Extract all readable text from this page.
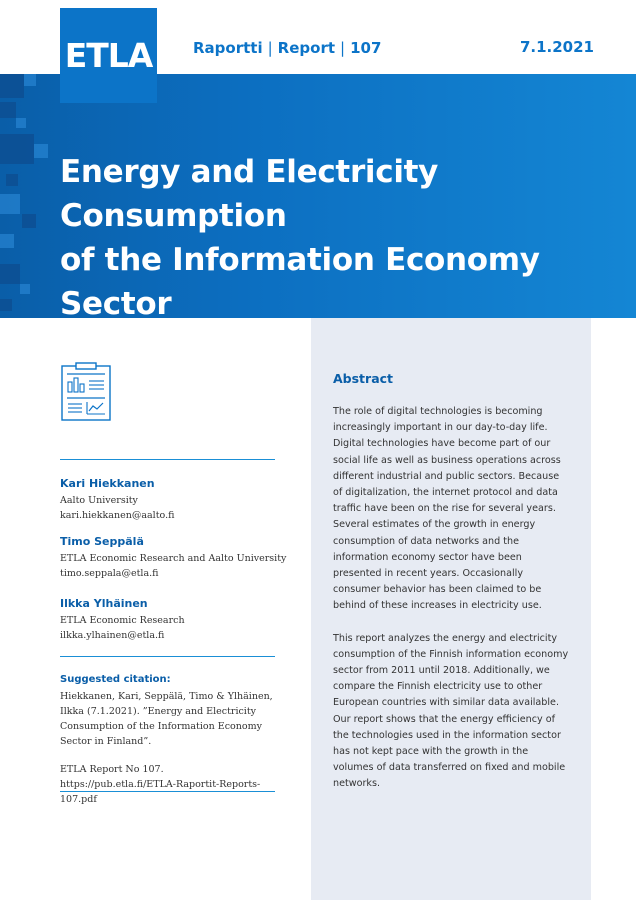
ETLA	Raportti | Report | 107	7.1.2021
Energy and Electricity Consumption
of the Information Economy Sector
in Finland
Abstract

The role of digital technologies is becoming increasingly important in our day-to-day life. Digital technologies have become part of our social life as well as business operations across different industrial and public sectors. Because of digitalization, the internet protocol and data traffic have been on the rise for several years. Several estimates of the growth in energy consumption of data networks and the information economy sector have been presented in recent years. Occasionally consumer behavior has been claimed to be behind of these increases in electricity use.

This report analyzes the energy and electricity consumption of the Finnish information economy sector from 2011 until 2018. Additionally, we compare the Finnish electricity use to other European countries with similar data available. Our report shows that the energy efficiency of the technologies used in the information sector has not kept pace with the growth in the volumes of data transferred on fixed and mobile networks.

Kari Hiekkanen
Aalto University
kari.hiekkanen@aalto.fi
Timo Seppälä
ETLA Economic Research and Aalto University
timo.seppala@etla.fi
Ilkka Ylhäinen
ETLA Economic Research
ilkka.ylhainen@etla.fi
Suggested citation:
Hiekkanen, Kari, Seppälä, Timo & Ylhäinen, Ilkka (7.1.2021). ”Energy and Electricity Consumption of the Information Economy Sector in Finland”.
ETLA Report No 107.
https://pub.etla.fi/ETLA-Raportit-Reports-107.pdf
